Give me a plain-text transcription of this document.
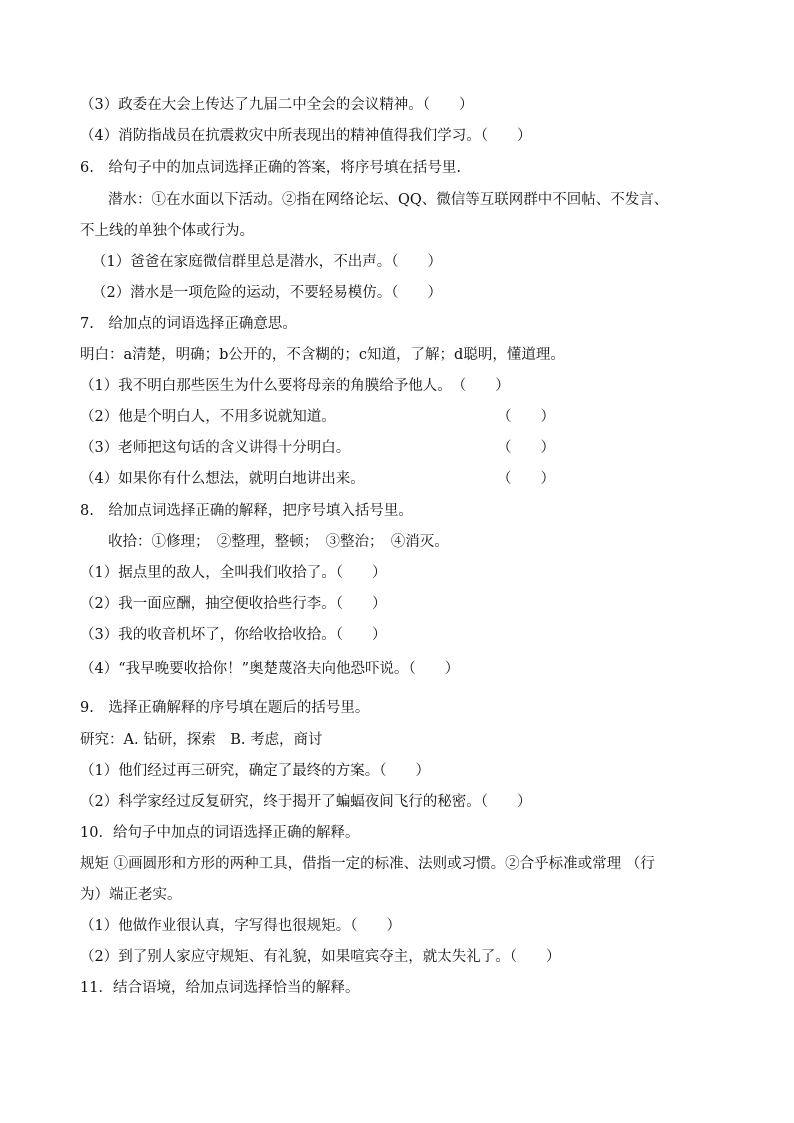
（3）政委在大会上传达了九届二中全会的会议精神。（　　）
（4）消防指战员在抗震救灾中所表现出的精神值得我们学习。（　　）
6.　给句子中的加点词选择正确的答案，将序号填在括号里.
潜水：①在水面以下活动。②指在网络论坛、QQ、微信等互联网群中不回帖、不发言、
不上线的单独个体或行为。
（1）爸爸在家庭微信群里总是潜水，不出声。（　　）
（2）潜水是一项危险的运动，不要轻易模仿。（　　）
7.　给加点的词语选择正确意思。
明白：a清楚，明确；b公开的，不含糊的；c知道，了解；d聪明，懂道理。
（1）我不明白那些医生为什么要将母亲的角膜给予他人。　（　　）
（2）他是个明白人，不用多说就知道。	（　　）
（3）老师把这句话的含义讲得十分明白。	（　　）
（4）如果你有什么想法，就明白地讲出来。	（　　）
8.　给加点词选择正确的解释，把序号填入括号里。
收拾：①修理；　②整理，整顿；　③整治；　④消灭。
（1）据点里的敌人，全叫我们收拾了。（　　）
（2）我一面应酬，抽空便收拾些行李。（　　）
（3）我的收音机坏了，你给收拾收拾。（　　）
（4）“我早晚要收拾你！”奥楚蔑洛夫向他恐吓说。（　　）
9.　选择正确解释的序号填在题后的括号里。
研究：A. 钻研，探索　B. 考虑，商讨
（1）他们经过再三研究，确定了最终的方案。（　　）
（2）科学家经过反复研究，终于揭开了蝙蝠夜间飞行的秘密。（　　）
10．给句子中加点的词语选择正确的解释。
规矩 ①画圆形和方形的两种工具，借指一定的标准、法则或习惯。②合乎标准或常理 （行
为）端正老实。
（1）他做作业很认真，字写得也很规矩。（　　）
（2）到了别人家应守规矩、有礼貌，如果喧宾夺主，就太失礼了。（　　）
11．结合语境，给加点词选择恰当的解释。
